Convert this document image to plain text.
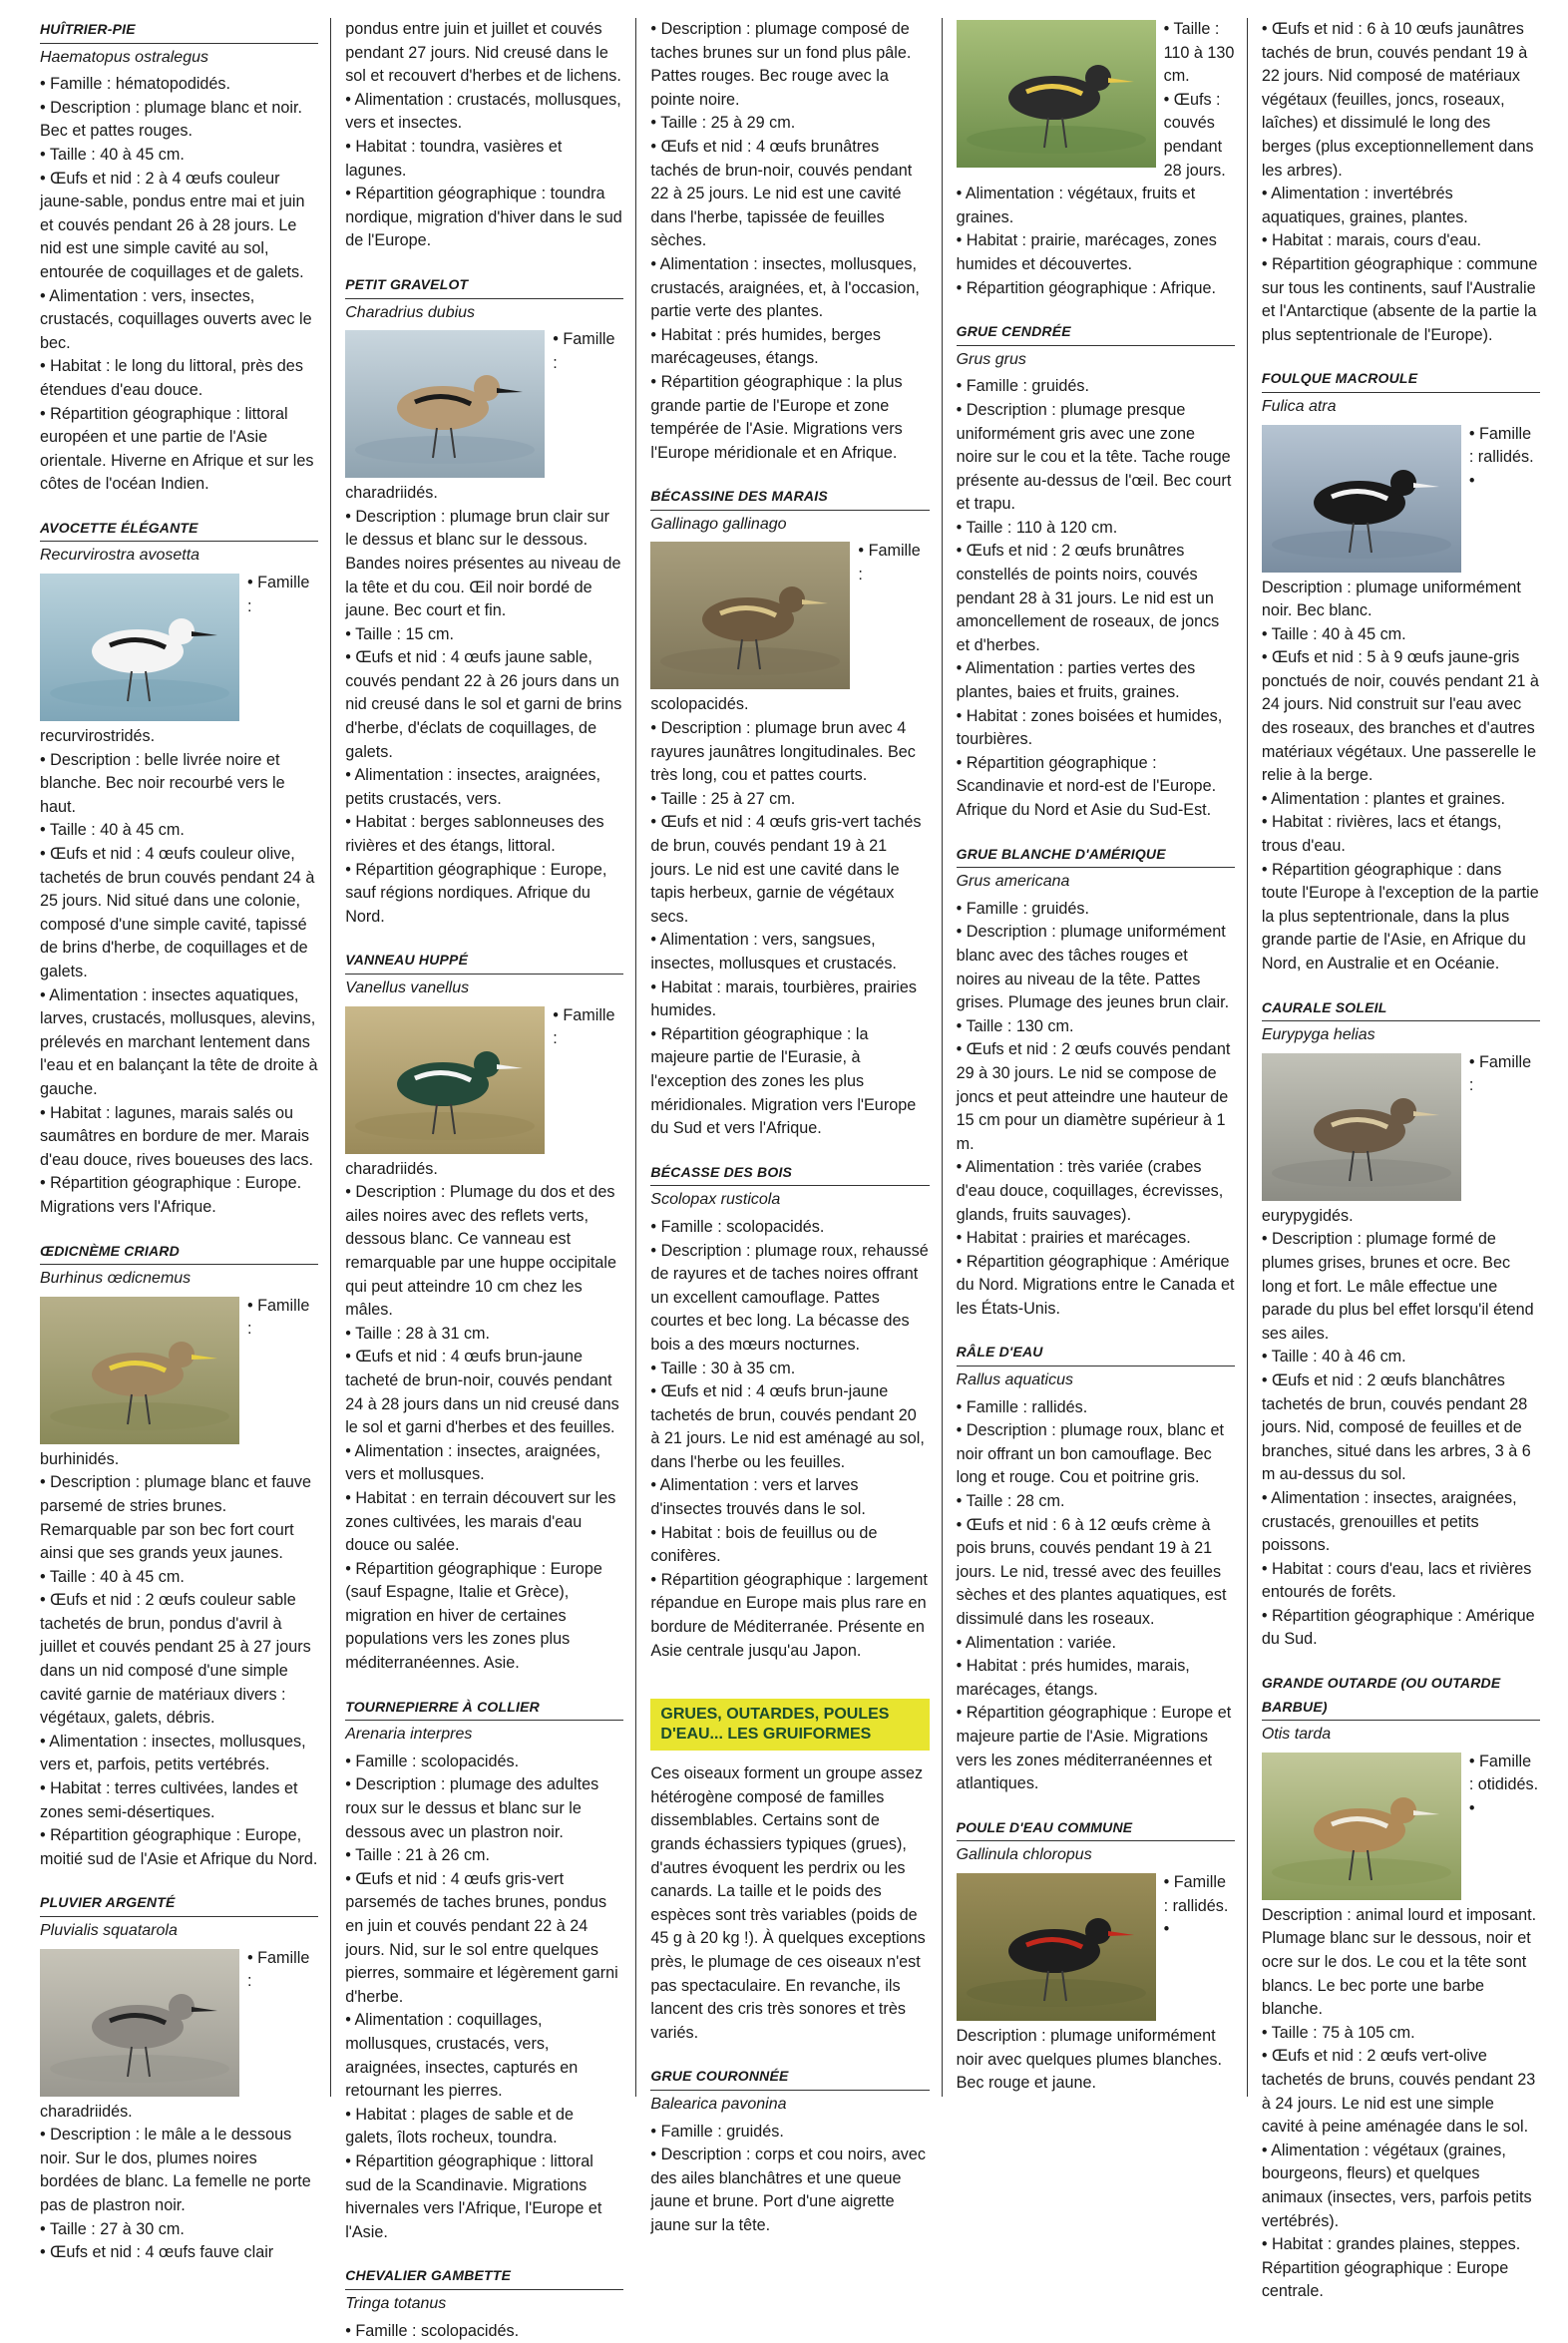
HUÎTRIER-PIE
Haematopus ostralegus

• Famille : hématopodidés.

• Description : plumage blanc et noir. Bec et pattes rouges.

• Taille : 40 à 45 cm.

• Œufs et nid : 2 à 4 œufs couleur jaune-sable, pondus entre mai et juin et couvés pendant 26 à 28 jours. Le nid est une simple cavité au sol, entourée de coquillages et de galets.

• Alimentation : vers, insectes, crustacés, coquillages ouverts avec le bec.

• Habitat : le long du littoral, près des étendues d'eau douce.

• Répartition géographique : littoral européen et une partie de l'Asie orientale. Hiverne en Afrique et sur les côtes de l'océan Indien.

AVOCETTE ÉLÉGANTE
Recurvirostra avosetta

• Famille : recurvirostridés.

• Description : belle livrée noire et blanche. Bec noir recourbé vers le haut.

• Taille : 40 à 45 cm.

• Œufs et nid : 4 œufs couleur olive, tachetés de brun couvés pendant 24 à 25 jours. Nid situé dans une colonie, composé d'une simple cavité, tapissé de brins d'herbe, de coquillages et de galets.

• Alimentation : insectes aquatiques, larves, crustacés, mollusques, alevins, prélevés en marchant lentement dans l'eau et en balançant la tête de droite à gauche.

• Habitat : lagunes, marais salés ou saumâtres en bordure de mer. Marais d'eau douce, rives boueuses des lacs.

• Répartition géographique : Europe. Migrations vers l'Afrique.

ŒDICNÈME CRIARD
Burhinus œdicnemus

• Famille : burhinidés.

• Description : plumage blanc et fauve parsemé de stries brunes. Remarquable par son bec fort court ainsi que ses grands yeux jaunes.

• Taille : 40 à 45 cm.

• Œufs et nid : 2 œufs couleur sable tachetés de brun, pondus d'avril à juillet et couvés pendant 25 à 27 jours dans un nid composé d'une simple cavité garnie de matériaux divers : végétaux, galets, débris.

• Alimentation : insectes, mollusques, vers et, parfois, petits vertébrés.

• Habitat : terres cultivées, landes et zones semi-désertiques.

• Répartition géographique : Europe, moitié sud de l'Asie et Afrique du Nord.

PLUVIER ARGENTÉ
Pluvialis squatarola

• Famille : charadriidés.

• Description : le mâle a le dessous noir. Sur le dos, plumes noires bordées de blanc. La femelle ne porte pas de plastron noir.

• Taille : 27 à 30 cm.

• Œufs et nid : 4 œufs fauve clair

pondus entre juin et juillet et couvés pendant 27 jours. Nid creusé dans le sol et recouvert d'herbes et de lichens.

• Alimentation : crustacés, mollusques, vers et insectes.

• Habitat : toundra, vasières et lagunes.

• Répartition géographique : toundra nordique, migration d'hiver dans le sud de l'Europe.

PETIT GRAVELOT
Charadrius dubius

• Famille : charadriidés.

• Description : plumage brun clair sur le dessus et blanc sur le dessous. Bandes noires présentes au niveau de la tête et du cou. Œil noir bordé de jaune. Bec court et fin.

• Taille : 15 cm.

• Œufs et nid : 4 œufs jaune sable, couvés pendant 22 à 26 jours dans un nid creusé dans le sol et garni de brins d'herbe, d'éclats de coquillages, de galets.

• Alimentation : insectes, araignées, petits crustacés, vers.

• Habitat : berges sablonneuses des rivières et des étangs, littoral.

• Répartition géographique : Europe, sauf régions nordiques. Afrique du Nord.

VANNEAU HUPPÉ
Vanellus vanellus

• Famille : charadriidés.

• Description : Plumage du dos et des ailes noires avec des reflets verts, dessous blanc. Ce vanneau est remarquable par une huppe occipitale qui peut atteindre 10 cm chez les mâles.

• Taille : 28 à 31 cm.

• Œufs et nid : 4 œufs brun-jaune tacheté de brun-noir, couvés pendant 24 à 28 jours dans un nid creusé dans le sol et garni d'herbes et des feuilles.

• Alimentation : insectes, araignées, vers et mollusques.

• Habitat : en terrain découvert sur les zones cultivées, les marais d'eau douce ou salée.

• Répartition géographique : Europe (sauf Espagne, Italie et Grèce), migration en hiver de certaines populations vers les zones plus méditerranéennes. Asie.

TOURNEPIERRE À COLLIER
Arenaria interpres

• Famille : scolopacidés.

• Description : plumage des adultes roux sur le dessus et blanc sur le dessous avec un plastron noir.

• Taille : 21 à 26 cm.

• Œufs et nid : 4 œufs gris-vert parsemés de taches brunes, pondus en juin et couvés pendant 22 à 24 jours. Nid, sur le sol entre quelques pierres, sommaire et légèrement garni d'herbe.

• Alimentation : coquillages, mollusques, crustacés, vers, araignées, insectes, capturés en retournant les pierres.

• Habitat : plages de sable et de galets, îlots rocheux, toundra.

• Répartition géographique : littoral sud de la Scandinavie. Migrations hivernales vers l'Afrique, l'Europe et l'Asie.

CHEVALIER GAMBETTE
Tringa totanus

• Famille : scolopacidés.

• Description : plumage composé de taches brunes sur un fond plus pâle. Pattes rouges. Bec rouge avec la pointe noire.

• Taille : 25 à 29 cm.

• Œufs et nid : 4 œufs brunâtres tachés de brun-noir, couvés pendant 22 à 25 jours. Le nid est une cavité dans l'herbe, tapissée de feuilles sèches.

• Alimentation : insectes, mollusques, crustacés, araignées, et, à l'occasion, partie verte des plantes.

• Habitat : prés humides, berges marécageuses, étangs.

• Répartition géographique : la plus grande partie de l'Europe et zone tempérée de l'Asie. Migrations vers l'Europe méridionale et en Afrique.

BÉCASSINE DES MARAIS
Gallinago gallinago

• Famille : scolopacidés.

• Description : plumage brun avec 4 rayures jaunâtres longitudinales. Bec très long, cou et pattes courts.

• Taille : 25 à 27 cm.

• Œufs et nid : 4 œufs gris-vert tachés de brun, couvés pendant 19 à 21 jours. Le nid est une cavité dans le tapis herbeux, garnie de végétaux secs.

• Alimentation : vers, sangsues, insectes, mollusques et crustacés.

• Habitat : marais, tourbières, prairies humides.

• Répartition géographique : la majeure partie de l'Eurasie, à l'exception des zones les plus méridionales. Migration vers l'Europe du Sud et vers l'Afrique.

BÉCASSE DES BOIS
Scolopax rusticola

• Famille : scolopacidés.

• Description : plumage roux, rehaussé de rayures et de taches noires offrant un excellent camouflage. Pattes courtes et bec long. La bécasse des bois a des mœurs nocturnes.

• Taille : 30 à 35 cm.

• Œufs et nid : 4 œufs brun-jaune tachetés de brun, couvés pendant 20 à 21 jours. Le nid est aménagé au sol, dans l'herbe ou les feuilles.

• Alimentation : vers et larves d'insectes trouvés dans le sol.

• Habitat : bois de feuillus ou de conifères.

• Répartition géographique : largement répandue en Europe mais plus rare en bordure de Méditerranée. Présente en Asie centrale jusqu'au Japon.

GRUES, OUTARDES, POULES D'EAU... LES GRUIFORMES
Ces oiseaux forment un groupe assez hétérogène composé de familles dissemblables. Certains sont de grands échassiers typiques (grues), d'autres évoquent les perdrix ou les canards. La taille et le poids des espèces sont très variables (poids de 45 g à 20 kg !). À quelques exceptions près, le plumage de ces oiseaux n'est pas spectaculaire. En revanche, ils lancent des cris très sonores et très variés.
GRUE COURONNÉE
Balearica pavonina

• Famille : gruidés.

• Description : corps et cou noirs, avec des ailes blanchâtres et une queue jaune et brune. Port d'une aigrette jaune sur la tête.

• Taille : 110 à 130 cm.

• Œufs : couvés pendant 28 jours.

• Alimentation : végétaux, fruits et graines.

• Habitat : prairie, marécages, zones humides et découvertes.

• Répartition géographique : Afrique.

GRUE CENDRÉE
Grus grus

• Famille : gruidés.

• Description : plumage presque uniformément gris avec une zone noire sur le cou et la tête. Tache rouge présente au-dessus de l'œil. Bec court et trapu.

• Taille : 110 à 120 cm.

• Œufs et nid : 2 œufs brunâtres constellés de points noirs, couvés pendant 28 à 31 jours. Le nid est un amoncellement de roseaux, de joncs et d'herbes.

• Alimentation : parties vertes des plantes, baies et fruits, graines.

• Habitat : zones boisées et humides, tourbières.

• Répartition géographique : Scandinavie et nord-est de l'Europe. Afrique du Nord et Asie du Sud-Est.

GRUE BLANCHE D'AMÉRIQUE
Grus americana

• Famille : gruidés.

• Description : plumage uniformément blanc avec des tâches rouges et noires au niveau de la tête. Pattes grises. Plumage des jeunes brun clair.

• Taille : 130 cm.

• Œufs et nid : 2 œufs couvés pendant 29 à 30 jours. Le nid se compose de joncs et peut atteindre une hauteur de 15 cm pour un diamètre supérieur à 1 m.

• Alimentation : très variée (crabes d'eau douce, coquillages, écrevisses, glands, fruits sauvages).

• Habitat : prairies et marécages.

• Répartition géographique : Amérique du Nord. Migrations entre le Canada et les États-Unis.

RÂLE D'EAU
Rallus aquaticus

• Famille : rallidés.

• Description : plumage roux, blanc et noir offrant un bon camouflage. Bec long et rouge. Cou et poitrine gris.

• Taille : 28 cm.

• Œufs et nid : 6 à 12 œufs crème à pois bruns, couvés pendant 19 à 21 jours. Le nid, tressé avec des feuilles sèches et des plantes aquatiques, est dissimulé dans les roseaux.

• Alimentation : variée.

• Habitat : prés humides, marais, marécages, étangs.

• Répartition géographique : Europe et majeure partie de l'Asie. Migrations vers les zones méditerranéennes et atlantiques.

POULE D'EAU COMMUNE
Gallinula chloropus

• Famille : rallidés.

• Description : plumage uniformément noir avec quelques plumes blanches. Bec rouge et jaune.

• Œufs et nid : 6 à 10 œufs jaunâtres tachés de brun, couvés pendant 19 à 22 jours. Nid composé de matériaux végétaux (feuilles, joncs, roseaux, laîches) et dissimulé le long des berges (plus exceptionnellement dans les arbres).

• Alimentation : invertébrés aquatiques, graines, plantes.

• Habitat : marais, cours d'eau.

• Répartition géographique : commune sur tous les continents, sauf l'Australie et l'Antarctique (absente de la partie la plus septentrionale de l'Europe).

FOULQUE MACROULE
Fulica atra

• Famille : rallidés.

• Description : plumage uniformément noir. Bec blanc.

• Taille : 40 à 45 cm.

• Œufs et nid : 5 à 9 œufs jaune-gris ponctués de noir, couvés pendant 21 à 24 jours. Nid construit sur l'eau avec des roseaux, des branches et d'autres matériaux végétaux. Une passerelle le relie à la berge.

• Alimentation : plantes et graines.

• Habitat : rivières, lacs et étangs, trous d'eau.

• Répartition géographique : dans toute l'Europe à l'exception de la partie la plus septentrionale, dans la plus grande partie de l'Asie, en Afrique du Nord, en Australie et en Océanie.

CAURALE SOLEIL
Eurypyga helias

• Famille : eurypygidés.

• Description : plumage formé de plumes grises, brunes et ocre. Bec long et fort. Le mâle effectue une parade du plus bel effet lorsqu'il étend ses ailes.

• Taille : 40 à 46 cm.

• Œufs et nid : 2 œufs blanchâtres tachetés de brun, couvés pendant 28 jours. Nid, composé de feuilles et de branches, situé dans les arbres, 3 à 6 m au-dessus du sol.

• Alimentation : insectes, araignées, crustacés, grenouilles et petits poissons.

• Habitat : cours d'eau, lacs et rivières entourés de forêts.

• Répartition géographique : Amérique du Sud.

GRANDE OUTARDE (OU OUTARDE BARBUE)
Otis tarda

• Famille : otididés.

• Description : animal lourd et imposant. Plumage blanc sur le dessous, noir et ocre sur le dos. Le cou et la tête sont blancs. Le bec porte une barbe blanche.

• Taille : 75 à 105 cm.

• Œufs et nid : 2 œufs vert-olive tachetés de bruns, couvés pendant 23 à 24 jours. Le nid est une simple cavité à peine aménagée dans le sol.

• Alimentation : végétaux (graines, bourgeons, fleurs) et quelques animaux (insectes, vers, parfois petits vertébrés).

• Habitat : grandes plaines, steppes. Répartition géographique : Europe centrale.
